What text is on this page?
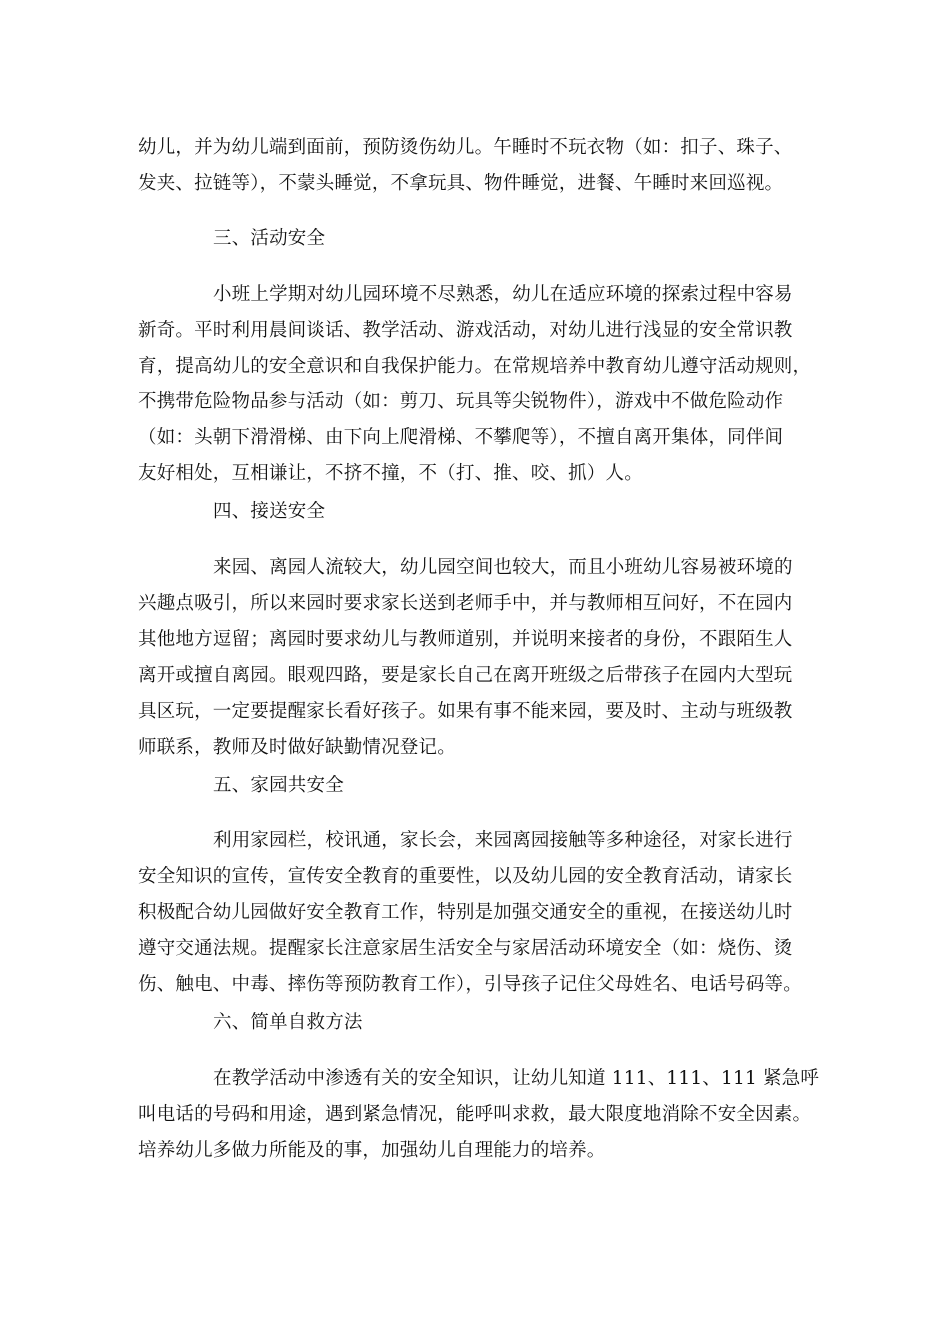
幼儿，并为幼儿端到面前，预防烫伤幼儿。午睡时不玩衣物（如：扣子、珠子、
发夹、拉链等），不蒙头睡觉，不拿玩具、物件睡觉，进餐、午睡时来回巡视。
三、活动安全
小班上学期对幼儿园环境不尽熟悉，幼儿在适应环境的探索过程中容易
新奇。平时利用晨间谈话、教学活动、游戏活动，对幼儿进行浅显的安全常识教
育，提高幼儿的安全意识和自我保护能力。在常规培养中教育幼儿遵守活动规则，
不携带危险物品参与活动（如：剪刀、玩具等尖锐物件），游戏中不做危险动作
（如：头朝下滑滑梯、由下向上爬滑梯、不攀爬等），不擅自离开集体，同伴间
友好相处，互相谦让，不挤不撞，不（打、推、咬、抓）人。
四、接送安全
来园、离园人流较大，幼儿园空间也较大，而且小班幼儿容易被环境的
兴趣点吸引，所以来园时要求家长送到老师手中，并与教师相互问好，不在园内
其他地方逗留；离园时要求幼儿与教师道别，并说明来接者的身份，不跟陌生人
离开或擅自离园。眼观四路，要是家长自己在离开班级之后带孩子在园内大型玩
具区玩，一定要提醒家长看好孩子。如果有事不能来园，要及时、主动与班级教
师联系，教师及时做好缺勤情况登记。
五、家园共安全
利用家园栏，校讯通，家长会，来园离园接触等多种途径，对家长进行
安全知识的宣传，宣传安全教育的重要性，以及幼儿园的安全教育活动，请家长
积极配合幼儿园做好安全教育工作，特别是加强交通安全的重视，在接送幼儿时
遵守交通法规。提醒家长注意家居生活安全与家居活动环境安全（如：烧伤、烫
伤、触电、中毒、摔伤等预防教育工作），引导孩子记住父母姓名、电话号码等。
六、简单自救方法
在教学活动中渗透有关的安全知识，让幼儿知道 111、111、111 紧急呼
叫电话的号码和用途，遇到紧急情况，能呼叫求救，最大限度地消除不安全因素。
培养幼儿多做力所能及的事，加强幼儿自理能力的培养。
